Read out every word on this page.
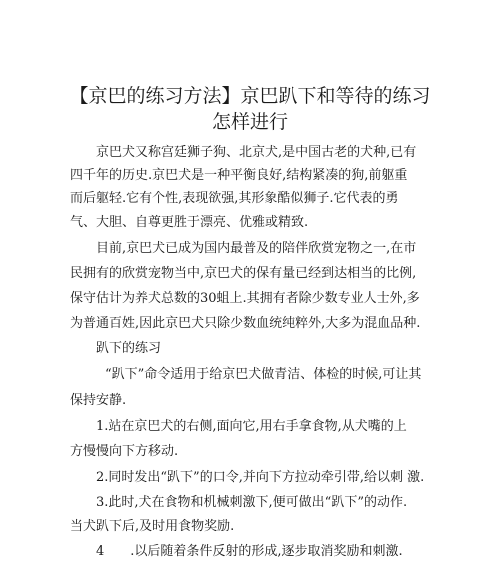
【京巴的练习方法】京巴趴下和等待的练习
怎样进行
京巴犬又称宫廷狮子狗、北京犬,是中国古老的犬种,已有
四千年的历史.京巴犬是一种平衡良好,结构紧凑的狗,前躯重
而后躯轻.它有个性,表现欲强,其形象酷似狮子.它代表的勇
气、大胆、自尊更胜于漂亮、优雅或精致.
目前,京巴犬已成为国内最普及的陪伴欣赏宠物之一,在市
民拥有的欣赏宠物当中,京巴犬的保有量已经到达相当的比例,
保守估计为养犬总数的30蛆上.其拥有者除少数专业人士外,多
为普通百姓,因此京巴犬只除少数血统纯粹外,大多为混血品种.
趴下的练习
“趴下”命令适用于给京巴犬做青洁、体检的时候,可让其
保持安静.
1.站在京巴犬的右侧,面向它,用右手拿食物,从犬嘴的上
方慢慢向下方移动.
2.同时发出“趴下”的口令,并向下方拉动牵引带,给以刺 激.
3.此时,犬在食物和机械刺激下,便可做出“趴下”的动作.
当犬趴下后,及时用食物奖励.
4　　.以后随着条件反射的形成,逐步取消奖励和刺激.
